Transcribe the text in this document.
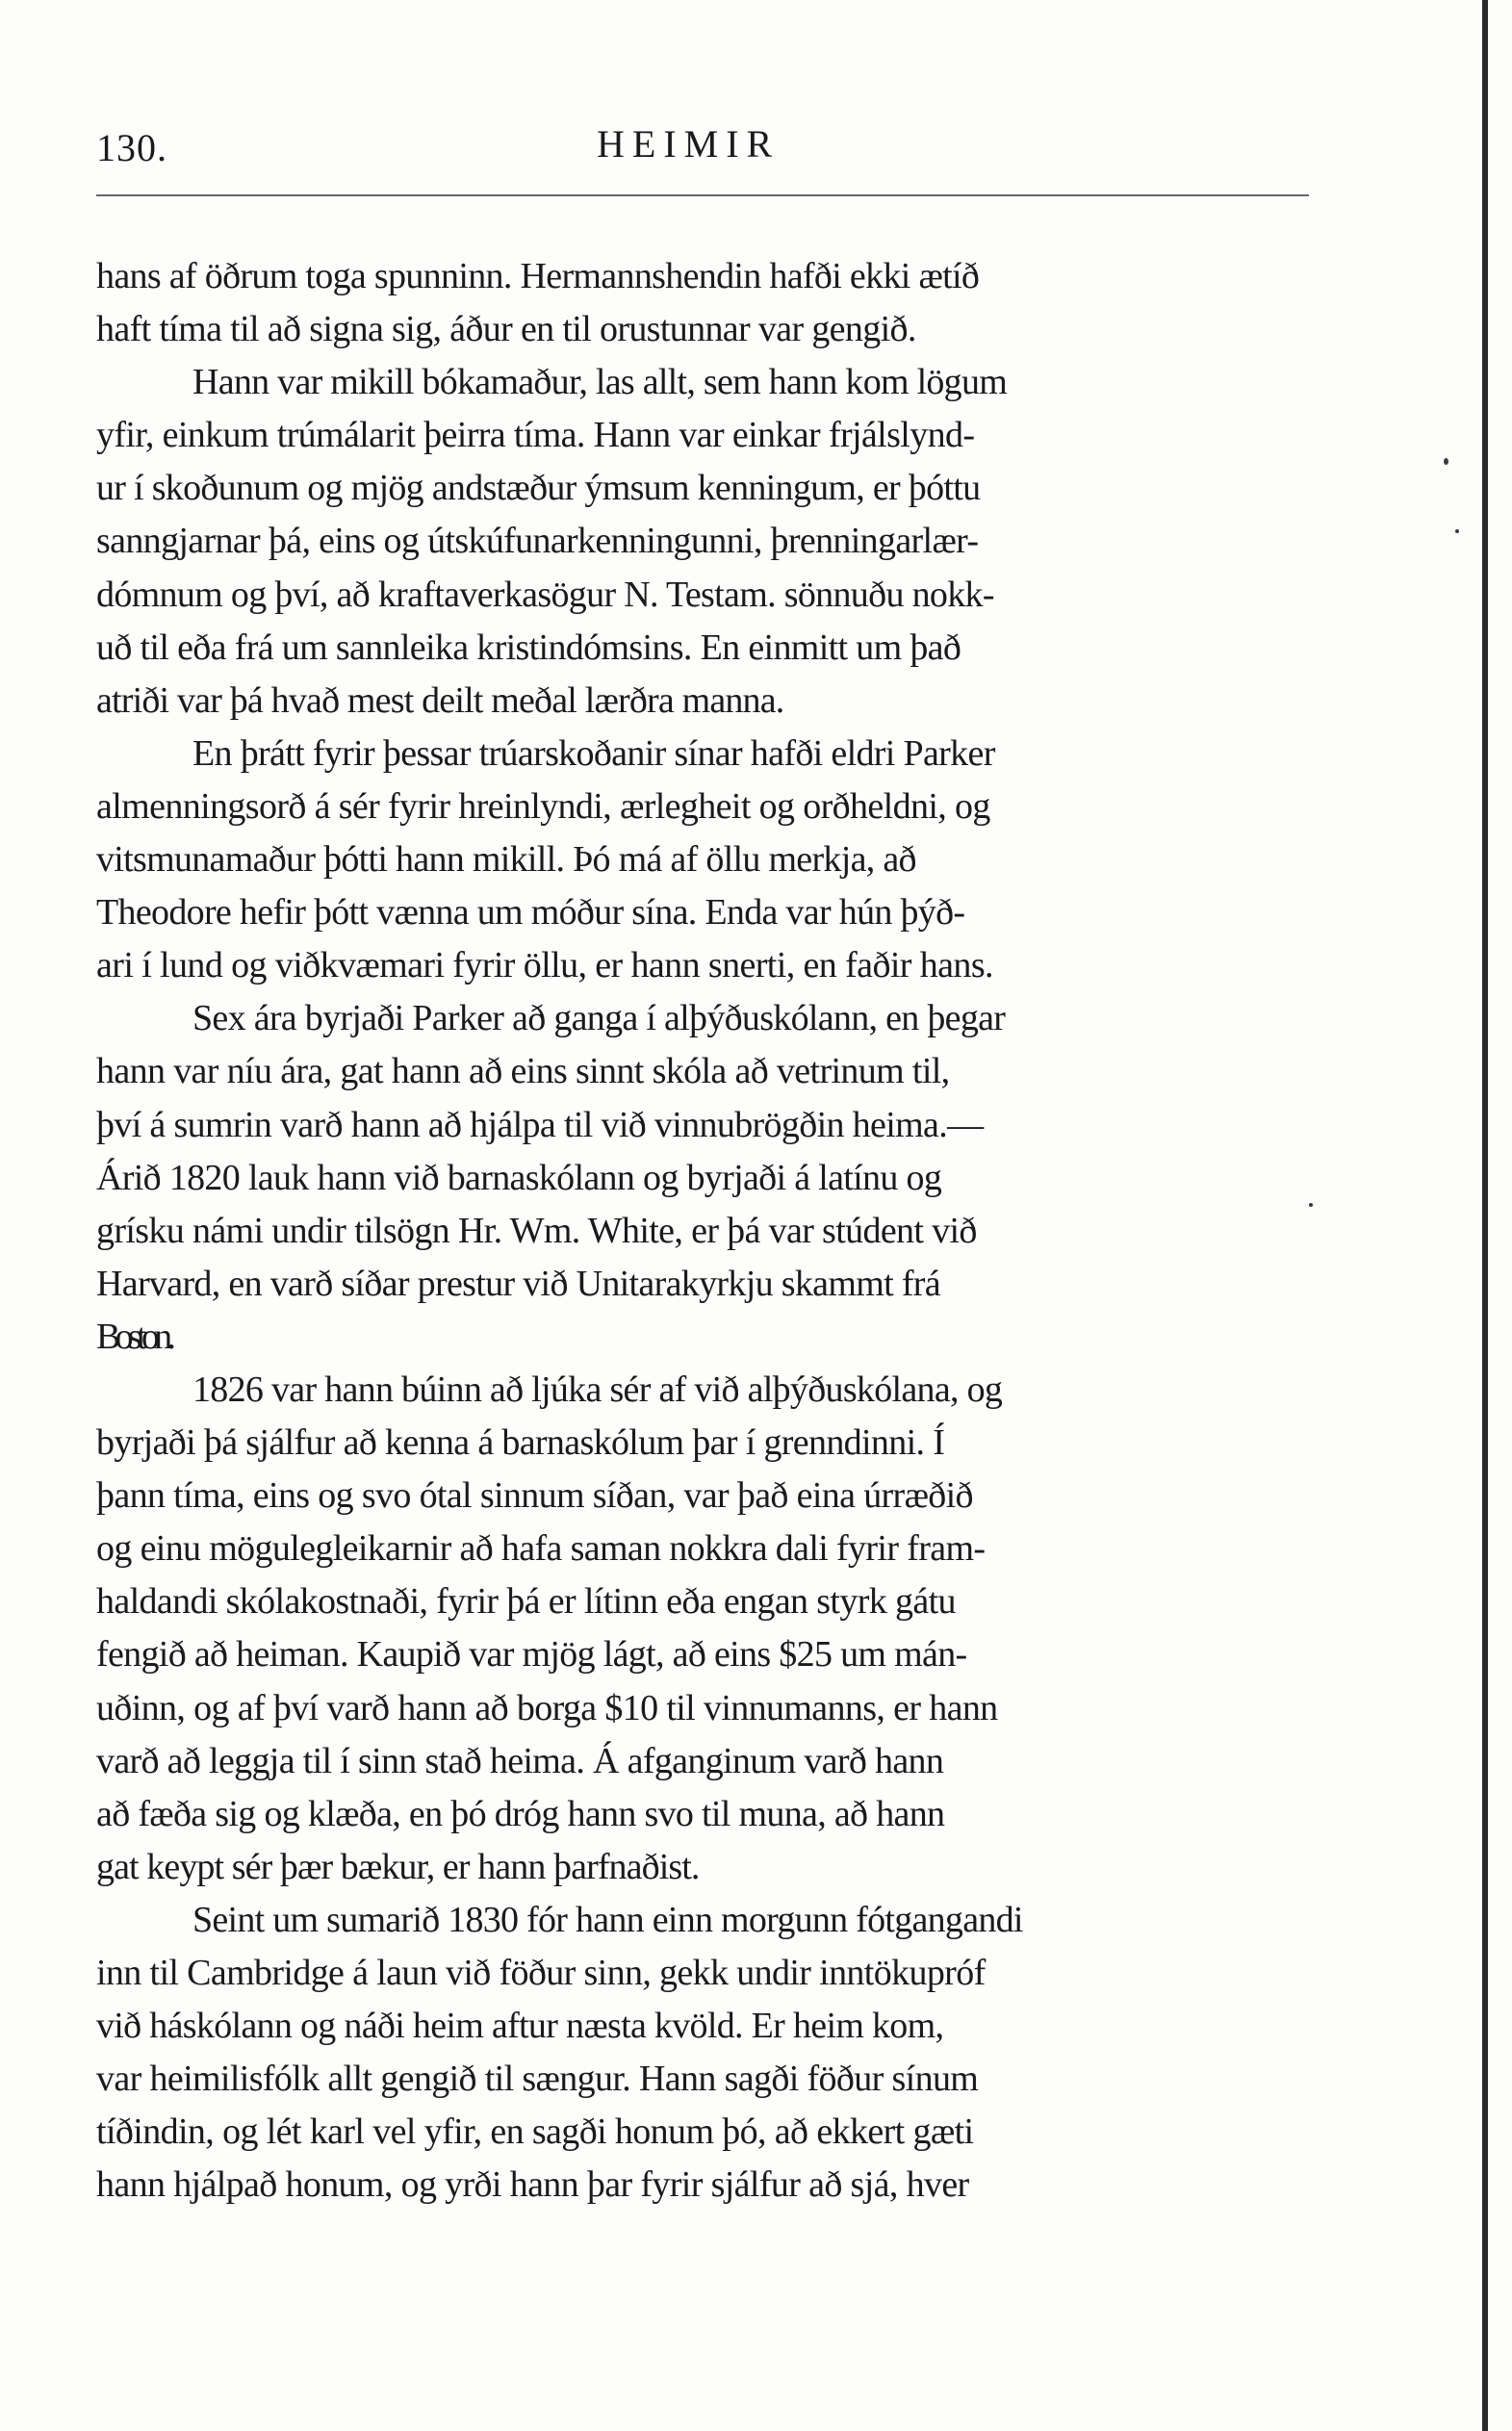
130.	HEIMIR
hans af öðrum toga spunninn. Hermannshendin hafði ekki ætíð
haft tíma til að signa sig, áður en til orustunnar var gengið.
Hann var mikill bókamaður, las allt, sem hann kom lögum
yfir, einkum trúmálarit þeirra tíma. Hann var einkar frjálslynd-
ur í skoðunum og mjög andstæður ýmsum kenningum, er þóttu
sanngjarnar þá, eins og útskúfunarkenningunni, þrenningarlær-
dómnum og því, að kraftaverkasögur N. Testam. sönnuðu nokk-
uð til eða frá um sannleika kristindómsins. En einmitt um það
atriði var þá hvað mest deilt meðal lærðra manna.
En þrátt fyrir þessar trúarskoðanir sínar hafði eldri Parker
almenningsorð á sér fyrir hreinlyndi, ærlegheit og orðheldni, og
vitsmunamaður þótti hann mikill. Þó má af öllu merkja, að
Theodore hefir þótt vænna um móður sína. Enda var hún þýð-
ari í lund og viðkvæmari fyrir öllu, er hann snerti, en faðir hans.
Sex ára byrjaði Parker að ganga í alþýðuskólann, en þegar
hann var níu ára, gat hann að eins sinnt skóla að vetrinum til,
því á sumrin varð hann að hjálpa til við vinnubrögðin heima.—
Árið 1820 lauk hann við barnaskólann og byrjaði á latínu og
grísku námi undir tilsögn Hr. Wm. White, er þá var stúdent við
Harvard, en varð síðar prestur við Unitarakyrkju skammt frá
Boston.
1826 var hann búinn að ljúka sér af við alþýðuskólana, og
byrjaði þá sjálfur að kenna á barnaskólum þar í grenndinni. Í
þann tíma, eins og svo ótal sinnum síðan, var það eina úrræðið
og einu mögulegleikarnir að hafa saman nokkra dali fyrir fram-
haldandi skólakostnaði, fyrir þá er lítinn eða engan styrk gátu
fengið að heiman. Kaupið var mjög lágt, að eins $25 um mán-
uðinn, og af því varð hann að borga $10 til vinnumanns, er hann
varð að leggja til í sinn stað heima. Á afganginum varð hann
að fæða sig og klæða, en þó dróg hann svo til muna, að hann
gat keypt sér þær bækur, er hann þarfnaðist.
Seint um sumarið 1830 fór hann einn morgunn fótgangandi
inn til Cambridge á laun við föður sinn, gekk undir inntökupróf
við háskólann og náði heim aftur næsta kvöld. Er heim kom,
var heimilisfólk allt gengið til sængur. Hann sagði föður sínum
tíðindin, og lét karl vel yfir, en sagði honum þó, að ekkert gæti
hann hjálpað honum, og yrði hann þar fyrir sjálfur að sjá, hver
